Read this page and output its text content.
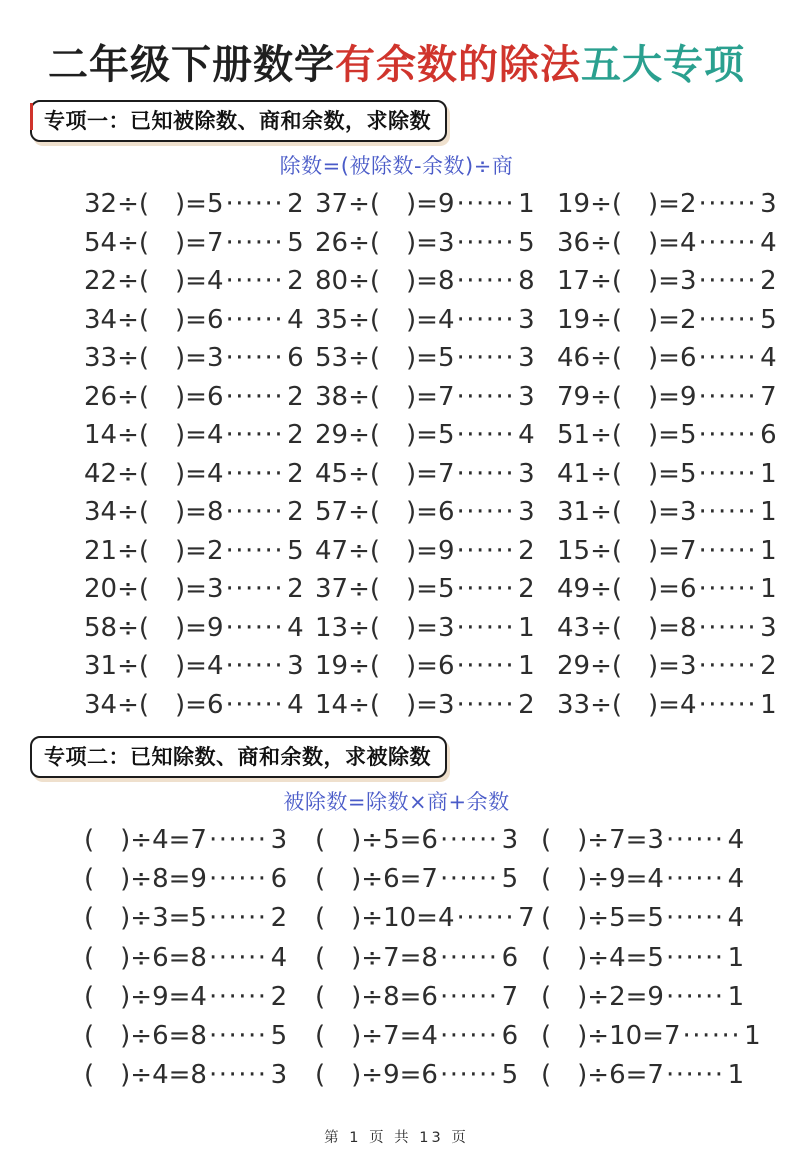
二年级下册数学有余数的除法五大专项
专项一：已知被除数、商和余数，求除数
除数=(被除数-余数)÷商
32÷( )=5······ 2 37÷( )=9······ 1 19÷( )=2······ 3
54÷( )=7······ 5 26÷( )=3······ 5 36÷( )=4······ 4
22÷( )=4······ 2 80÷( )=8······ 8 17÷( )=3······ 2
34÷( )=6······ 4 35÷( )=4······ 3 19÷( )=2······ 5
33÷( )=3······ 6 53÷( )=5······ 3 46÷( )=6······ 4
26÷( )=6······ 2 38÷( )=7······ 3 79÷( )=9······ 7
14÷( )=4······ 2 29÷( )=5······ 4 51÷( )=5······ 6
42÷( )=4······ 2 45÷( )=7······ 3 41÷( )=5······ 1
34÷( )=8······ 2 57÷( )=6······ 3 31÷( )=3······ 1
21÷( )=2······ 5 47÷( )=9······ 2 15÷( )=7······ 1
20÷( )=3······ 2 37÷( )=5······ 2 49÷( )=6······ 1
58÷( )=9······ 4 13÷( )=3······ 1 43÷( )=8······ 3
31÷( )=4······ 3 19÷( )=6······ 1 29÷( )=3······ 2
34÷( )=6······ 4 14÷( )=3······ 2 33÷( )=4······ 1
专项二：已知除数、商和余数，求被除数
被除数=除数×商+余数
( )÷4=7······ 3	( )÷5=6······ 3 ( )÷7=3······ 4
( )÷8=9······ 6	( )÷6=7······ 5 ( )÷9=4······ 4
( )÷3=5······ 2	( )÷10=4······ 7 ( )÷5=5······ 4
( )÷6=8······ 4	( )÷7=8······ 6 ( )÷4=5······ 1
( )÷9=4······ 2	( )÷8=6······ 7 ( )÷2=9······ 1
( )÷6=8······ 5	( )÷7=4······ 6 ( )÷10=7······ 1
( )÷4=8······ 3	( )÷9=6······ 5 ( )÷6=7······ 1
第 1 页 共 13 页
